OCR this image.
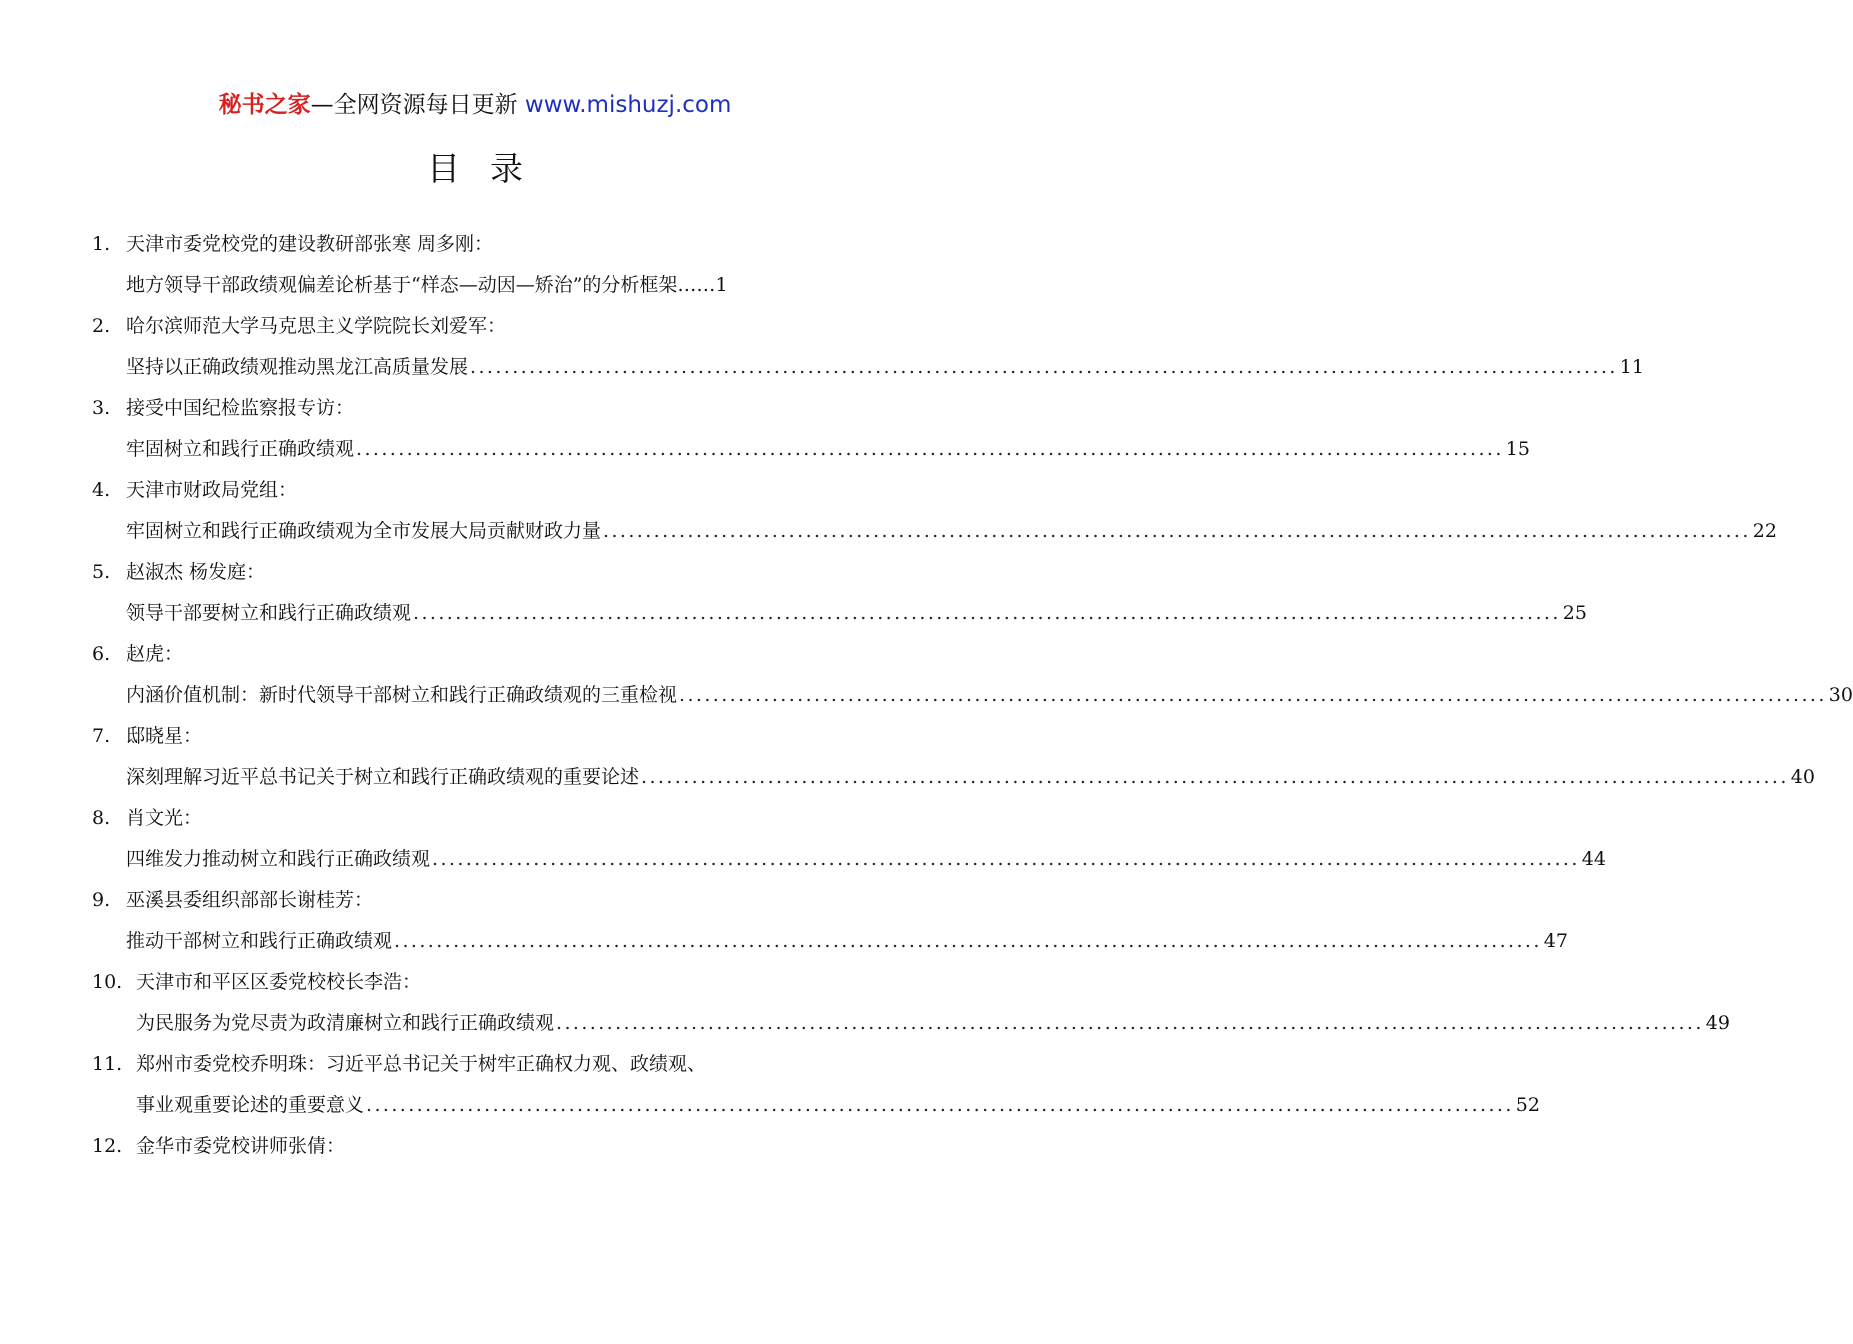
秘书之家—全网资源每日更新 www.mishuzj.com
目录
1. 天津市委党校党的建设教研部张寒 周多刚：
地方领导干部政绩观偏差论析基于“样态—动因—矫治”的分析框架…… 1
2. 哈尔滨师范大学马克思主义学院院长刘爱军：
坚持以正确政绩观推动黑龙江高质量发展 .....	11
3. 接受中国纪检监察报专访：
牢固树立和践行正确政绩观 .....	15
4. 天津市财政局党组：
牢固树立和践行正确政绩观为全市发展大局贡献财政力量 .....	22
5. 赵淑杰 杨发庭：
领导干部要树立和践行正确政绩观 .....	25
6. 赵虎：
内涵价值机制：新时代领导干部树立和践行正确政绩观的三重检视 .....	30
7. 邸晓星：
深刻理解习近平总书记关于树立和践行正确政绩观的重要论述 .....	40
8. 肖文光：
四维发力推动树立和践行正确政绩观 .....	44
9. 巫溪县委组织部部长谢桂芳：
推动干部树立和践行正确政绩观 .....	47
10. 天津市和平区区委党校校长李浩：
为民服务为党尽责为政清廉树立和践行正确政绩观 .....	49
11. 郑州市委党校乔明珠：习近平总书记关于树牢正确权力观、政绩观、
事业观重要论述的重要意义 .....	52
12. 金华市委党校讲师张倩：
